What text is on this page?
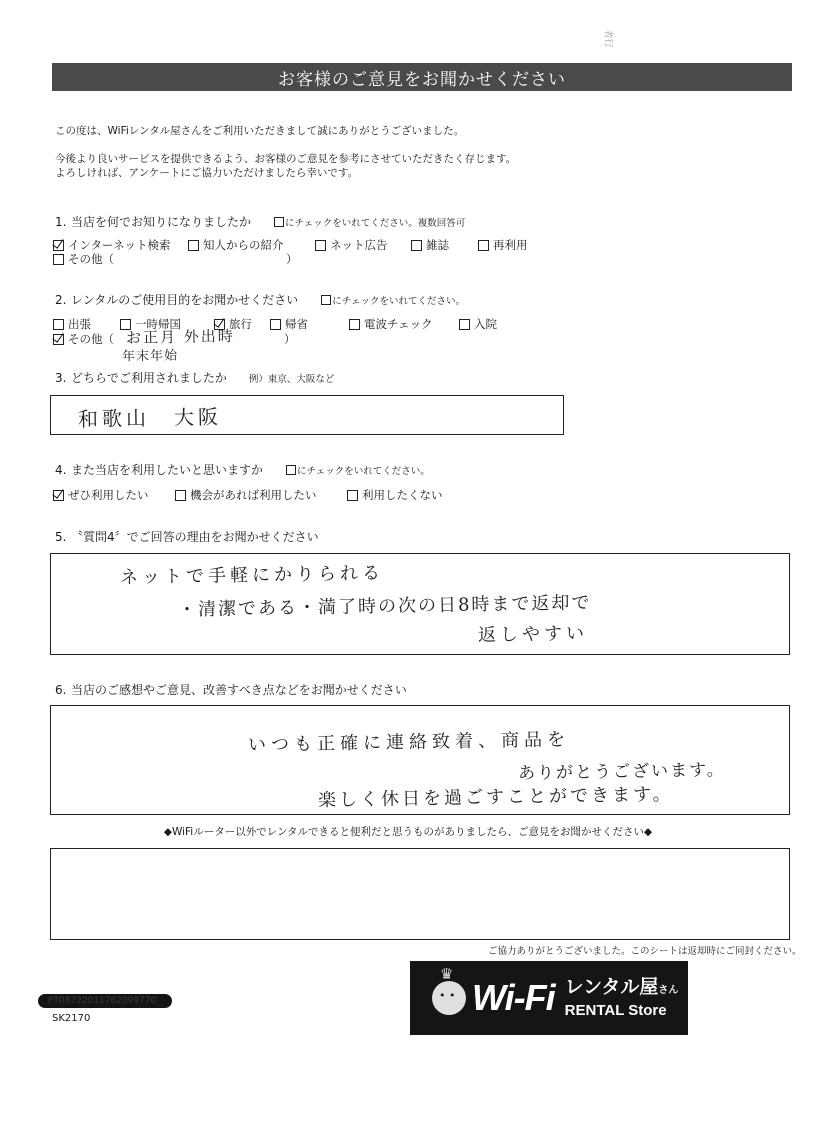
者行
お客様のご意見をお聞かせください
この度は、WiFiレンタル屋さんをご利用いただきまして誠にありがとうございました。
今後より良いサービスを提供できるよう、お客様のご意見を参考にさせていただきたく存じます。
よろしければ、アンケートにご協力いただけましたら幸いです。
1. 当店を何でお知りになりましたか	にチェックをいれてください。複数回答可
インターネット検索	知人からの紹介	ネット広告	雑誌	再利用
その他（	）
2. レンタルのご使用目的をお聞かせください	にチェックをいれてください。
出張	一時帰国	旅行	帰省	電波チェック	入院
その他（	）
お正月 外出時
年末年始
3. どちらでご利用されましたか 例）東京、大阪など
和歌山　大阪
4. また当店を利用したいと思いますか	にチェックをいれてください。
ぜひ利用したい	機会があれば利用したい	利用したくない
5. 〝質問4〞でご回答の理由をお聞かせください
ネットで手軽にかりられる
・清潔である・満了時の次の日8時まで返却で
返しやすい
6. 当店のご感想やご意見、改善すべき点などをお聞かせください
いつも正確に連絡致着、商品を
ありがとうございます。
楽しく休日を過ごすことができます。
◆WiFiルーター以外でレンタルできると便利だと思うものがありましたら、ご意見をお聞かせください◆
ご協力ありがとうございました。このシートは返却時にご同封ください。
PT08722011762099770
SK2170
♛ • •
Wi-Fi レンタル屋さん
RENTAL Store
